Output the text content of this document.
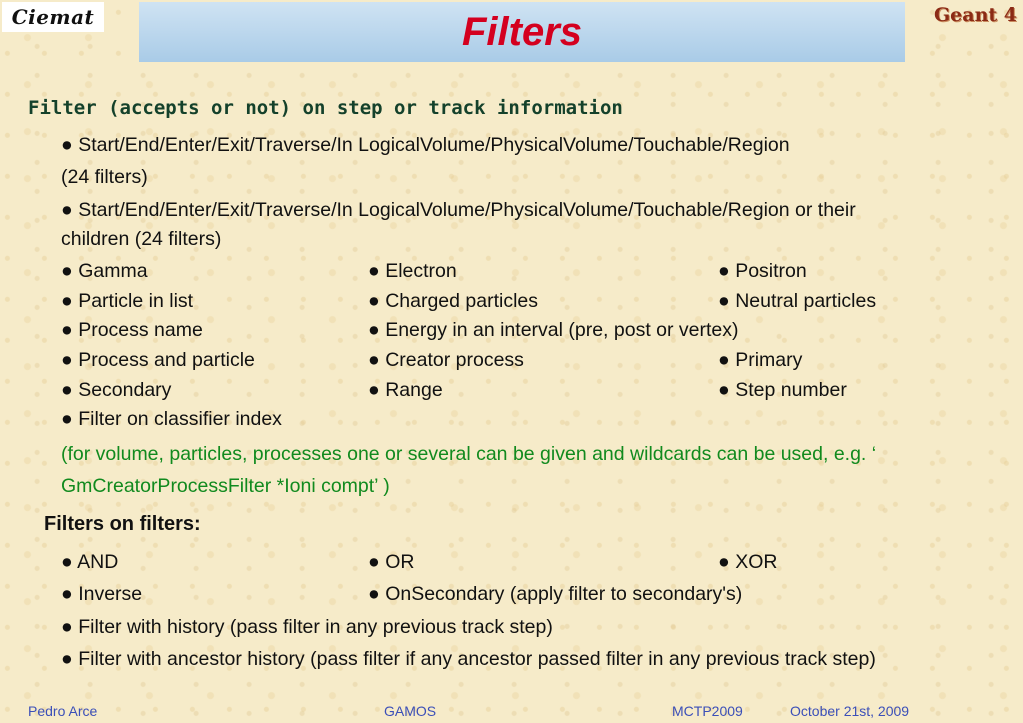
Ciemat	Filters	Geant 4
Filter (accepts or not) on step or track information
● Start/End/Enter/Exit/Traverse/In LogicalVolume/PhysicalVolume/Touchable/Region
(24 filters)
● Start/End/Enter/Exit/Traverse/In LogicalVolume/PhysicalVolume/Touchable/Region or their
children (24 filters)
● Gamma	● Electron	● Positron
● Particle in list	● Charged particles	● Neutral particles
● Process name	● Energy in an interval (pre, post or vertex)
● Process and particle	● Creator process	● Primary
● Secondary	● Range	● Step number
● Filter on classifier index
(for volume, particles, processes one or several can be given and wildcards can be used, e.g. ‘
GmCreatorProcessFilter *Ioni compt’ )
Filters on filters:
● AND	● OR	● XOR
● Inverse	● OnSecondary (apply filter to secondary's)
● Filter with history (pass filter in any previous track step)
● Filter with ancestor history (pass filter if any ancestor passed filter in any previous track step)
Pedro Arce	GAMOS	MCTP2009	October 21st, 2009
